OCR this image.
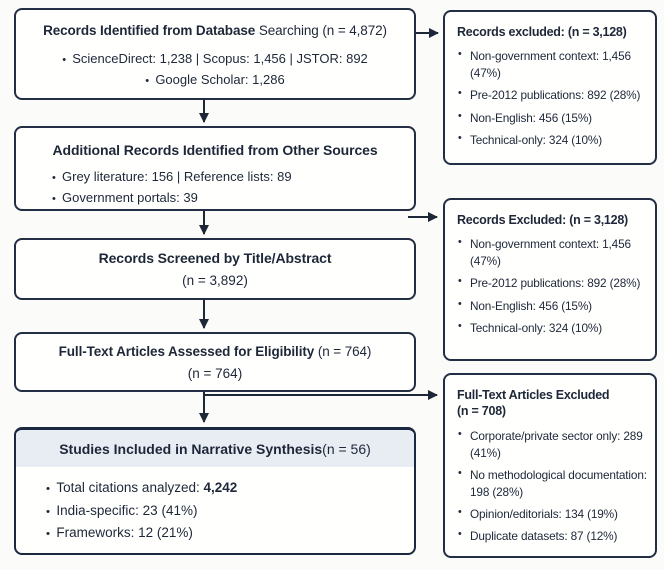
Records Identified from Database Searching (n = 4,872)
•  ScienceDirect: 1,238 | Scopus: 1,456 | JSTOR: 892
•  Google Scholar: 1,286
Additional Records Identified from Other Sources
•  Grey literature: 156 | Reference lists: 89
•  Government portals: 39
Records Screened by Title/Abstract
(n = 3,892)
Full-Text Articles Assessed for Eligibility (n = 764)
(n = 764)
Studies Included in Narrative Synthesis (n = 56)
•  Total citations analyzed: 4,242
•  India-specific: 23 (41%)
•  Frameworks: 12 (21%)
Records excluded: (n = 3,128)
• Non-government context: 1,456 (47%)
• Pre-2012 publications: 892 (28%)
• Non-English: 456 (15%)
• Technical-only: 324 (10%)
Records Excluded: (n = 3,128)
• Non-government context: 1,456 (47%)
• Pre-2012 publications: 892 (28%)
• Non-English: 456 (15%)
• Technical-only: 324 (10%)
Full-Text Articles Excluded
(n = 708)
• Corporate/private sector only: 289 (41%)
• No methodological documentation: 198 (28%)
• Opinion/editorials: 134 (19%)
• Duplicate datasets: 87 (12%)
